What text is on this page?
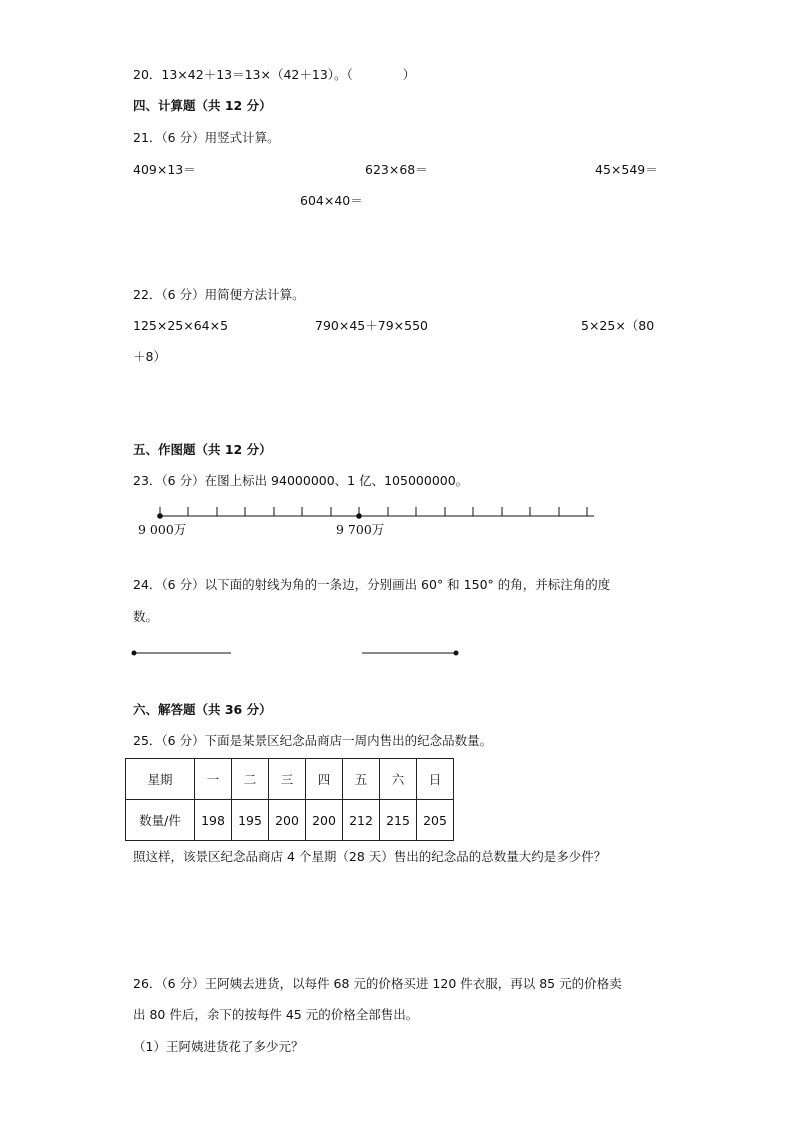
20．13×42＋13＝13×（42＋13）。（　　　　）
四、计算题（共 12 分）
21．（6 分）用竖式计算。
409×13＝	623×68＝	45×549＝
604×40＝
22．（6 分）用简便方法计算。
125×25×64×5	790×45＋79×550	5×25×（80
＋8）
五、作图题（共 12 分）
23．（6 分）在图上标出 94000000、1 亿、105000000。
9 000万	9 700万
24．（6 分）以下面的射线为角的一条边，分别画出 60° 和 150° 的角，并标注角的度
数。
六、解答题（共 36 分）
25．（6 分）下面是某景区纪念品商店一周内售出的纪念品数量。
星期	一	二	三	四	五	六	日
数量/件	198	195	200	200	212	215	205
照这样，该景区纪念品商店 4 个星期（28 天）售出的纪念品的总数量大约是多少件？
26．（6 分）王阿姨去进货，以每件 68 元的价格买进 120 件衣服，再以 85 元的价格卖
出 80 件后，余下的按每件 45 元的价格全部售出。
（1）王阿姨进货花了多少元？
